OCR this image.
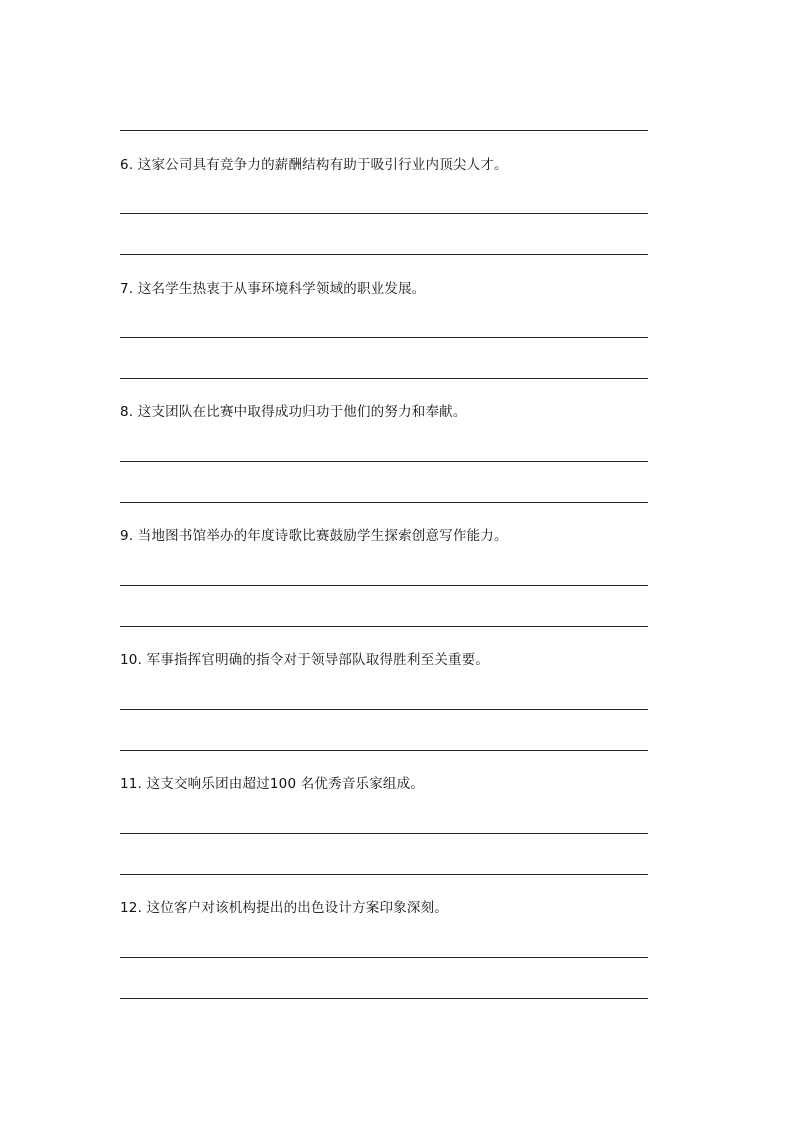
6. 这家公司具有竞争力的薪酬结构有助于吸引行业内顶尖人才。
7. 这名学生热衷于从事环境科学领域的职业发展。
8. 这支团队在比赛中取得成功归功于他们的努力和奉献。
9. 当地图书馆举办的年度诗歌比赛鼓励学生探索创意写作能力。
10. 军事指挥官明确的指令对于领导部队取得胜利至关重要。
11. 这支交响乐团由超过100 名优秀音乐家组成。
12. 这位客户对该机构提出的出色设计方案印象深刻。
